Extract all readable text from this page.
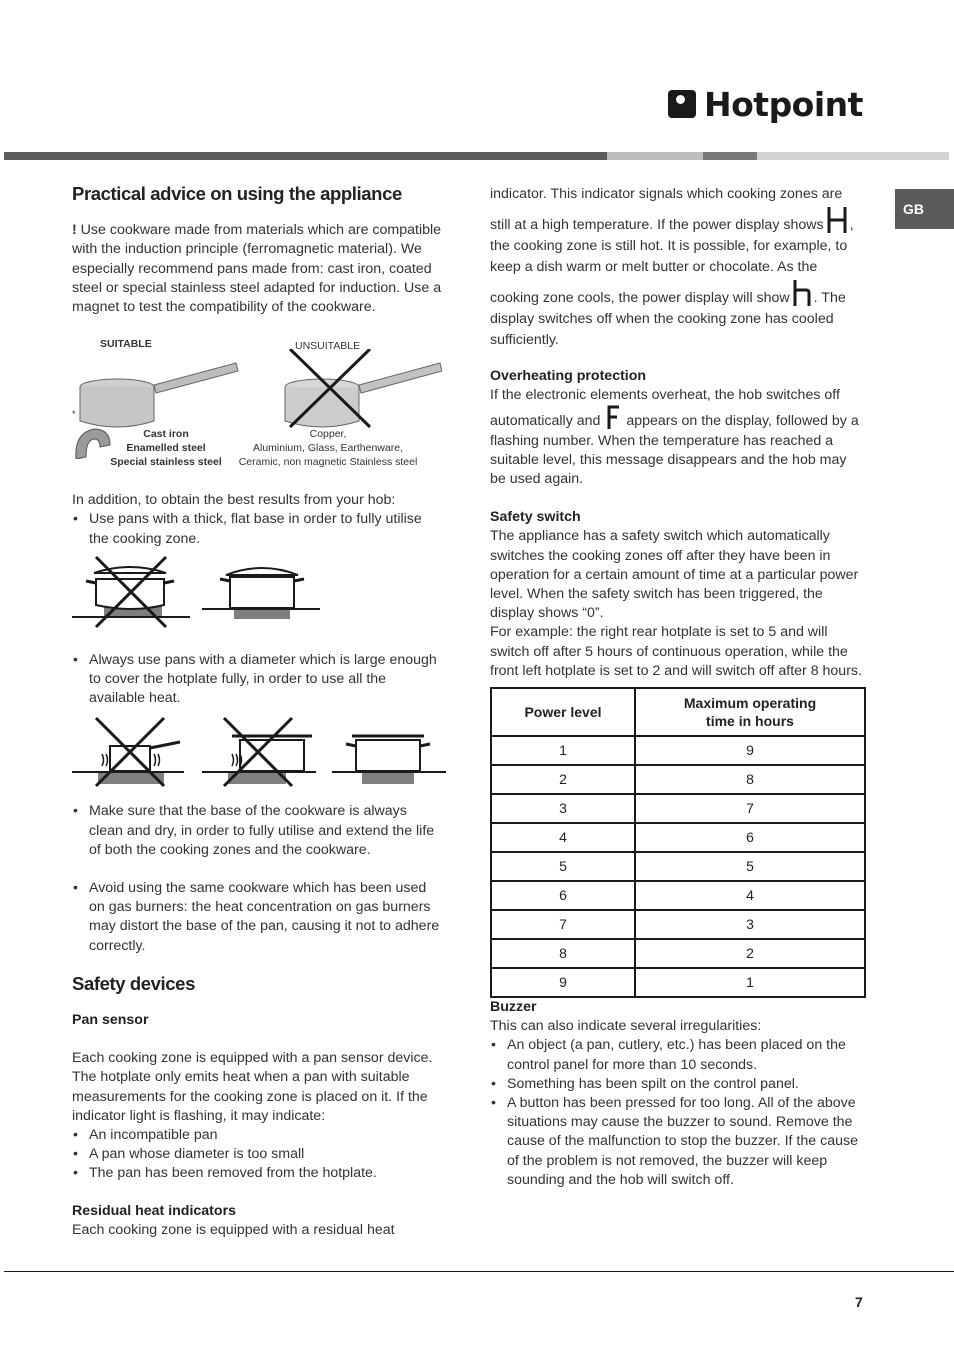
Hotpoint
GB
Practical advice on using the appliance

! Use cookware made from materials which are compatible with the induction principle (ferromagnetic material). We especially recommend pans made from: cast iron, coated steel or special stainless steel adapted for induction. Use a magnet to test the compatibility of the cookware.

SUITABLE	UNSUITABLE
*
Cast iron
Enamelled steel
Special stainless steel
Copper,
Aluminium, Glass, Earthenware,
Ceramic, non magnetic Stainless steel

In addition, to obtain the best results from your hob:

• Use pans with a thick, flat base in order to fully utilise the cooking zone.
• Always use pans with a diameter which is large enough to cover the hotplate fully, in order to use all the available heat.
• Make sure that the base of the cookware is always clean and dry, in order to fully utilise and extend the life of both the cooking zones and the cookware.
• Avoid using the same cookware which has been used on gas burners: the heat concentration on gas burners may distort the base of the pan, causing it not to adhere correctly.
Safety devices
Pan sensor

Each cooking zone is equipped with a pan sensor device. The hotplate only emits heat when a pan with suitable measurements for the cooking zone is placed on it. If the indicator light is flashing, it may indicate:

• An incompatible pan
• A pan whose diameter is too small
• The pan has been removed from the hotplate.
Residual heat indicators

Each cooking zone is equipped with a residual heat

indicator. This indicator signals which cooking zones are still at a high temperature. If the power display shows , the cooking zone is still hot. It is possible, for example, to keep a dish warm or melt butter or chocolate. As the cooking zone cools, the power display will show . The display switches off when the cooking zone has cooled sufficiently.

Overheating protection

If the electronic elements overheat, the hob switches off automatically and appears on the display, followed by a flashing number. When the temperature has reached a suitable level, this message disappears and the hob may be used again.

Safety switch

The appliance has a safety switch which automatically switches the cooking zones off after they have been in operation for a certain amount of time at a particular power level. When the safety switch has been triggered, the display shows “0”.

For example: the right rear hotplate is set to 5 and will switch off after 5 hours of continuous operation, while the front left hotplate is set to 2 and will switch off after 8 hours.

Power level	Maximum operating
time in hours
1	9
2	8
3	7
4	6
5	5
6	4
7	3
8	2
9	1
Buzzer

This can also indicate several irregularities:

• An object (a pan, cutlery, etc.) has been placed on the control panel for more than 10 seconds.
• Something has been spilt on the control panel.
• A button has been pressed for too long. All of the above situations may cause the buzzer to sound. Remove the cause of the malfunction to stop the buzzer. If the cause of the problem is not removed, the buzzer will keep sounding and the hob will switch off.
7
